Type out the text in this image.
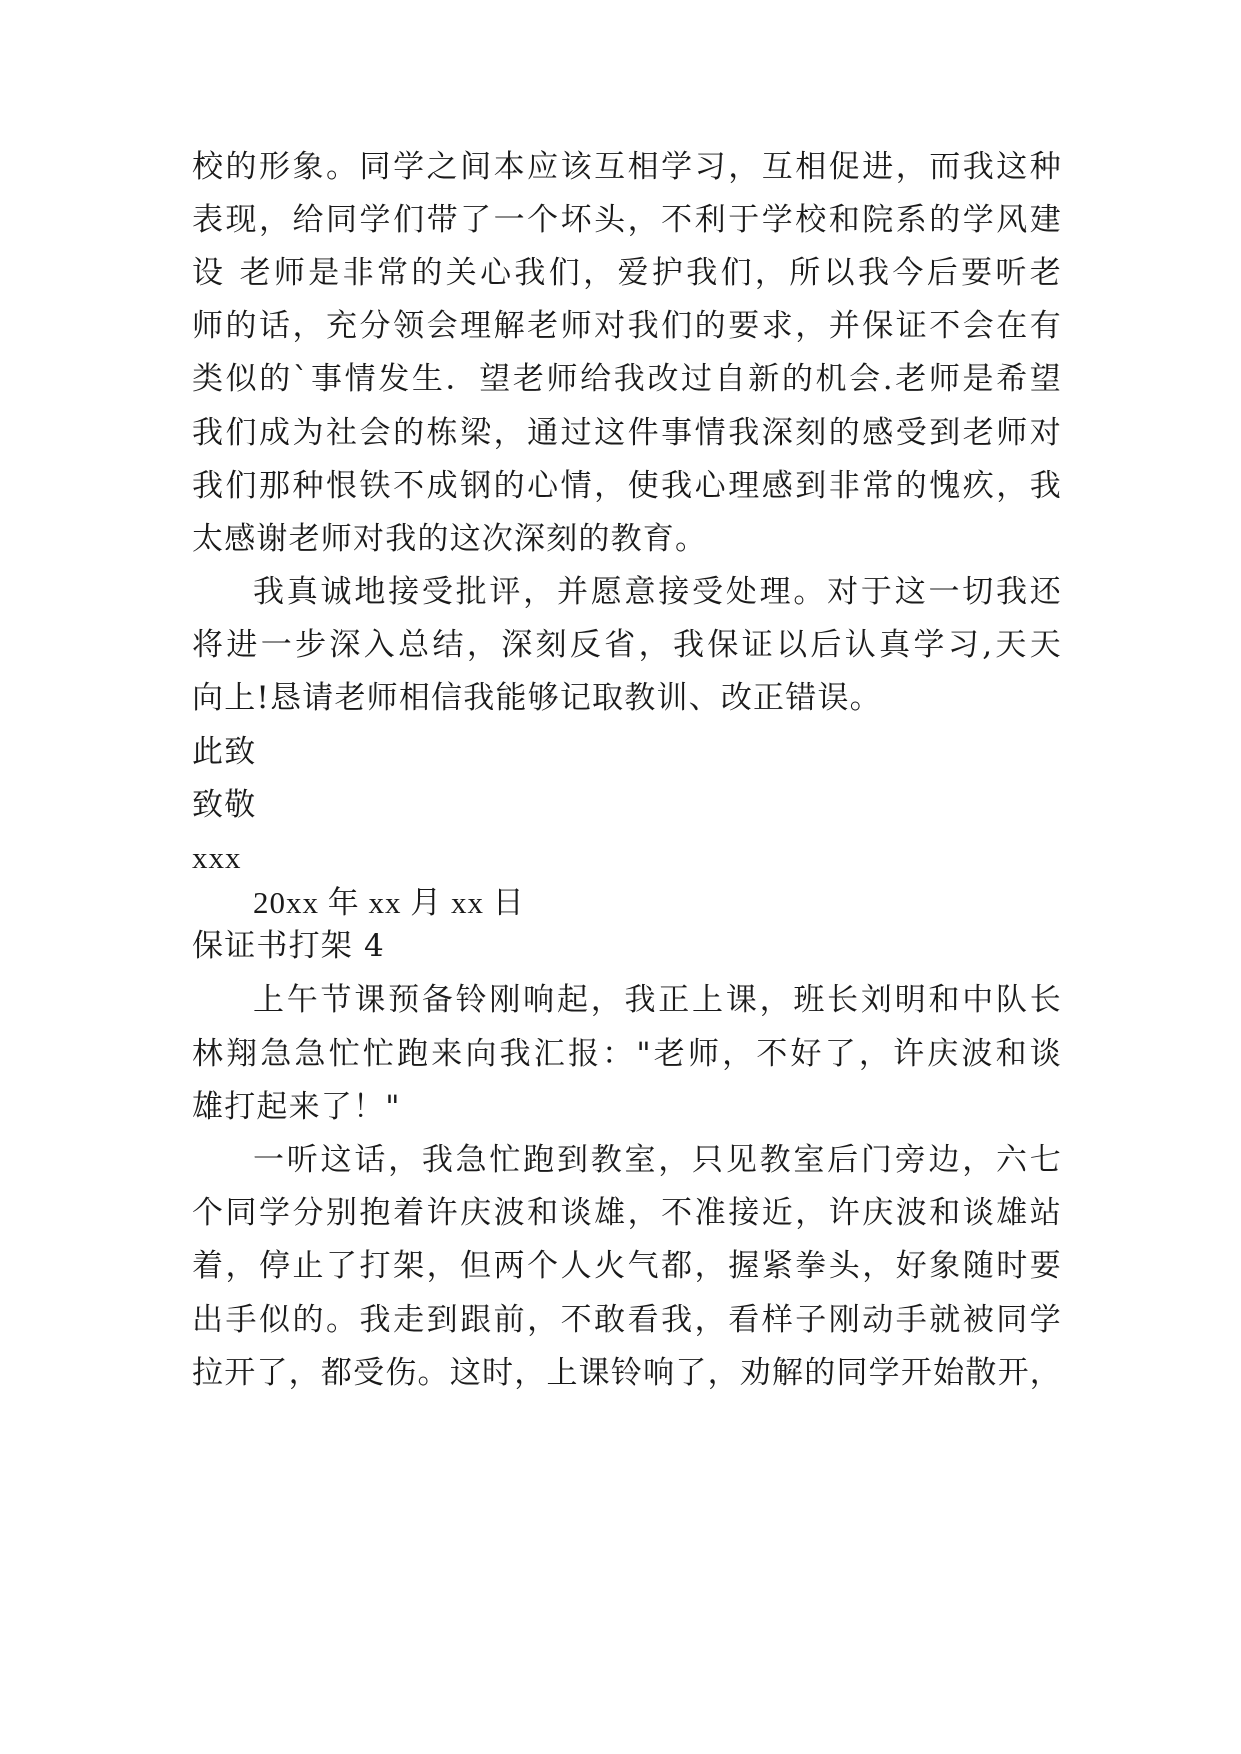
校的形象。同学之间本应该互相学习，互相促进，而我这种
表现，给同学们带了一个坏头，不利于学校和院系的学风建
设 老师是非常的关心我们，爱护我们，所以我今后要听老
师的话，充分领会理解老师对我们的要求，并保证不会在有
类似的`事情发生．望老师给我改过自新的机会.老师是希望
我们成为社会的栋梁，通过这件事情我深刻的感受到老师对
我们那种恨铁不成钢的心情，使我心理感到非常的愧疚，我
太感谢老师对我的这次深刻的教育。
我真诚地接受批评，并愿意接受处理。对于这一切我还
将进一步深入总结，深刻反省，我保证以后认真学习,天天
向上!恳请老师相信我能够记取教训、改正错误。
此致
致敬
xxx
20xx 年 xx 月 xx 日
保证书打架 4
上午节课预备铃刚响起，我正上课，班长刘明和中队长
林翔急急忙忙跑来向我汇报："老师，不好了，许庆波和谈
雄打起来了！"
一听这话，我急忙跑到教室，只见教室后门旁边，六七
个同学分别抱着许庆波和谈雄，不准接近，许庆波和谈雄站
着，停止了打架，但两个人火气都，握紧拳头，好象随时要
出手似的。我走到跟前，不敢看我，看样子刚动手就被同学
拉开了，都受伤。这时，上课铃响了，劝解的同学开始散开，
